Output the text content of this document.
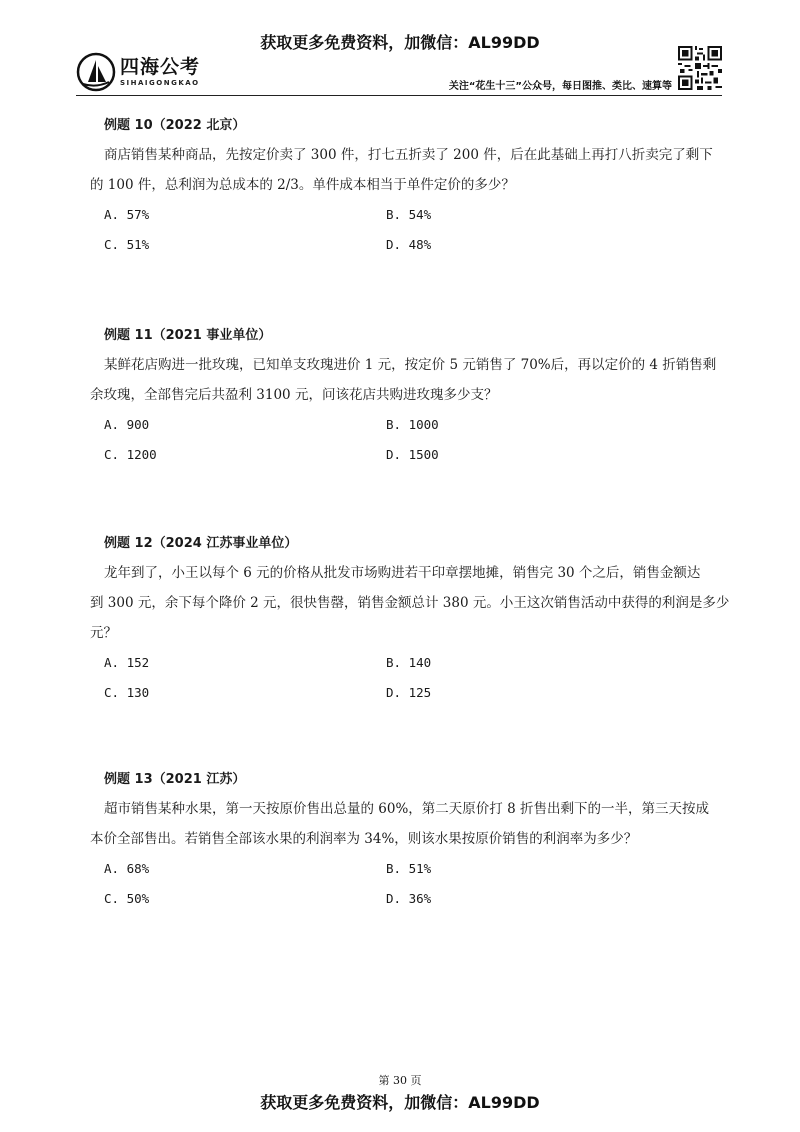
获取更多免费资料，加微信：AL99DD
四海公考
SIHAIGONGKAO	关注“花生十三”公众号，每日图推、类比、速算等
例题 10（2022 北京）

商店销售某种商品，先按定价卖了 300 件，打七五折卖了 200 件，后在此基础上再打八折卖完了剩下
的 100 件，总利润为总成本的 2/3。单件成本相当于单件定价的多少？

A. 57%	B. 54%
C. 51%	D. 48%
例题 11（2021 事业单位）

某鲜花店购进一批玫瑰，已知单支玫瑰进价 1 元，按定价 5 元销售了 70%后，再以定价的 4 折销售剩
余玫瑰，全部售完后共盈利 3100 元，问该花店共购进玫瑰多少支？

A. 900	B. 1000
C. 1200	D. 1500
例题 12（2024 江苏事业单位）

龙年到了，小王以每个 6 元的价格从批发市场购进若干印章摆地摊，销售完 30 个之后，销售金额达
到 300 元，余下每个降价 2 元，很快售罄，销售金额总计 380 元。小王这次销售活动中获得的利润是多少
元？

A. 152	B. 140
C. 130	D. 125
例题 13（2021 江苏）

超市销售某种水果，第一天按原价售出总量的 60%，第二天原价打 8 折售出剩下的一半，第三天按成
本价全部售出。若销售全部该水果的利润率为 34%，则该水果按原价销售的利润率为多少？

A. 68%	B. 51%
C. 50%	D. 36%
第 30 页
获取更多免费资料，加微信：AL99DD
